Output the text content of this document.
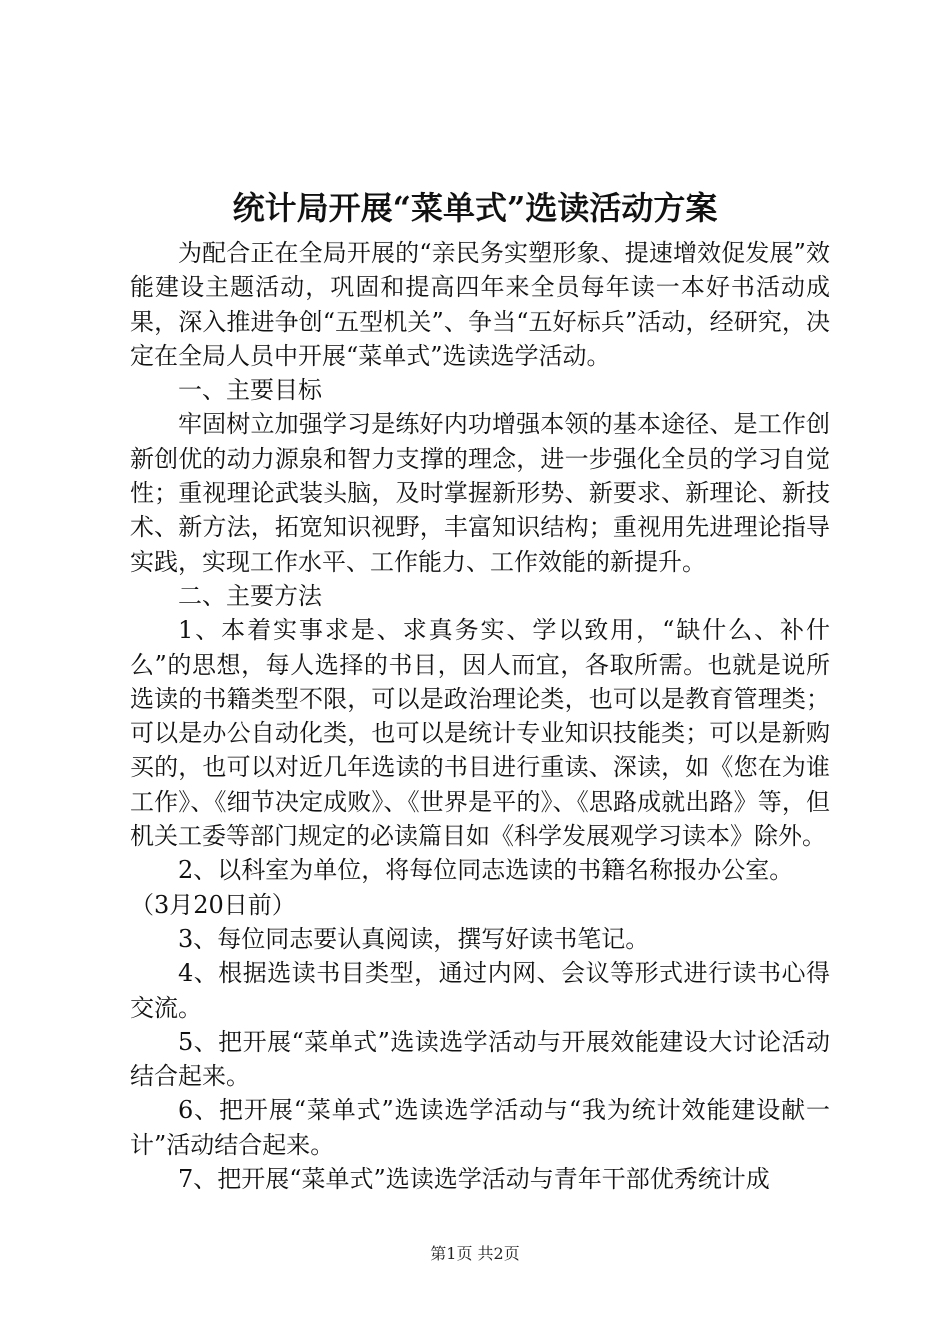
统计局开展“菜单式”选读活动方案

为配合正在全局开展的“亲民务实塑形象、提速增效促发展”效能建设主题活动，巩固和提高四年来全员每年读一本好书活动成果，深入推进争创“五型机关”、争当“五好标兵”活动，经研究，决定在全局人员中开展“菜单式”选读选学活动。

一、主要目标

牢固树立加强学习是练好内功增强本领的基本途径、是工作创新创优的动力源泉和智力支撑的理念，进一步强化全员的学习自觉性；重视理论武装头脑，及时掌握新形势、新要求、新理论、新技术、新方法，拓宽知识视野，丰富知识结构；重视用先进理论指导实践，实现工作水平、工作能力、工作效能的新提升。

二、主要方法

1、本着实事求是、求真务实、学以致用，“缺什么、补什么”的思想，每人选择的书目，因人而宜，各取所需。也就是说所选读的书籍类型不限，可以是政治理论类，也可以是教育管理类；可以是办公自动化类，也可以是统计专业知识技能类；可以是新购买的，也可以对近几年选读的书目进行重读、深读，如《您在为谁工作》、《细节决定成败》、《世界是平的》、《思路成就出路》等，但机关工委等部门规定的必读篇目如《科学发展观学习读本》除外。

2、以科室为单位，将每位同志选读的书籍名称报办公室。

（3月20日前）

3、每位同志要认真阅读，撰写好读书笔记。

4、根据选读书目类型，通过内网、会议等形式进行读书心得交流。

5、把开展“菜单式”选读选学活动与开展效能建设大讨论活动结合起来。

6、把开展“菜单式”选读选学活动与“我为统计效能建设献一计”活动结合起来。

7、把开展“菜单式”选读选学活动与青年干部优秀统计成

第1页 共2页
